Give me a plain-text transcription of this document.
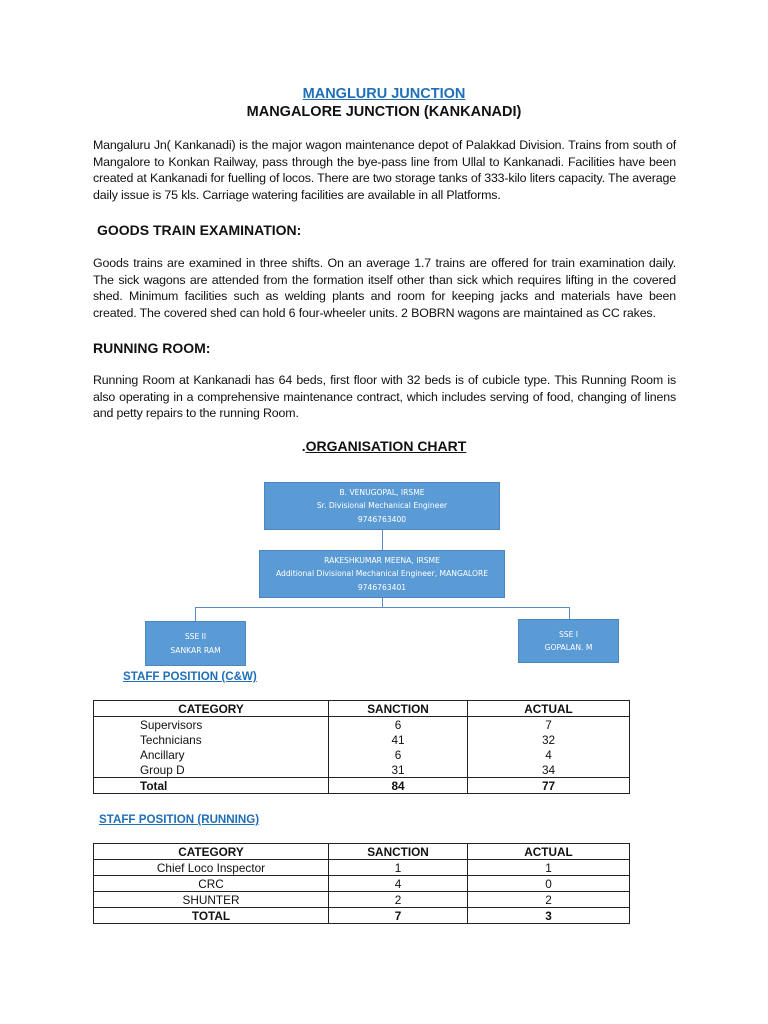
MANGLURU JUNCTION
MANGALORE JUNCTION (KANKANADI)

Mangaluru Jn( Kankanadi) is the major wagon maintenance depot of Palakkad Division. Trains from south of Mangalore to Konkan Railway, pass through the bye-pass line from Ullal to Kankanadi. Facilities have been created at Kankanadi for fuelling of locos. There are two storage tanks of 333-kilo liters capacity. The average daily issue is 75 kls. Carriage watering facilities are available in all Platforms.

GOODS TRAIN EXAMINATION:

Goods trains are examined in three shifts. On an average 1.7 trains are offered for train examination daily. The sick wagons are attended from the formation itself other than sick which requires lifting in the covered shed. Minimum facilities such as welding plants and room for keeping jacks and materials have been created. The covered shed can hold 6 four-wheeler units. 2 BOBRN wagons are maintained as CC rakes.

RUNNING ROOM:

Running Room at Kankanadi has 64 beds, first floor with 32 beds is of cubicle type. This Running Room is also operating in a comprehensive maintenance contract, which includes serving of food, changing of linens and petty repairs to the running Room.

.ORGANISATION CHART
B. VENUGOPAL, IRSME
Sr. Divisional Mechanical Engineer
9746763400
RAKESHKUMAR MEENA, IRSME
Additional Divisional Mechanical Engineer, MANGALORE
9746763401
SSE II
SANKAR RAM
SSE I
GOPALAN. M
STAFF POSITION (C&W)
CATEGORY	SANCTION	ACTUAL
Supervisors	6	7
Technicians	41	32
Ancillary	6	4
Group D	31	34
Total	84	77
STAFF POSITION (RUNNING)
CATEGORY	SANCTION	ACTUAL
Chief Loco Inspector	1	1
CRC	4	0
SHUNTER	2	2
TOTAL	7	3
